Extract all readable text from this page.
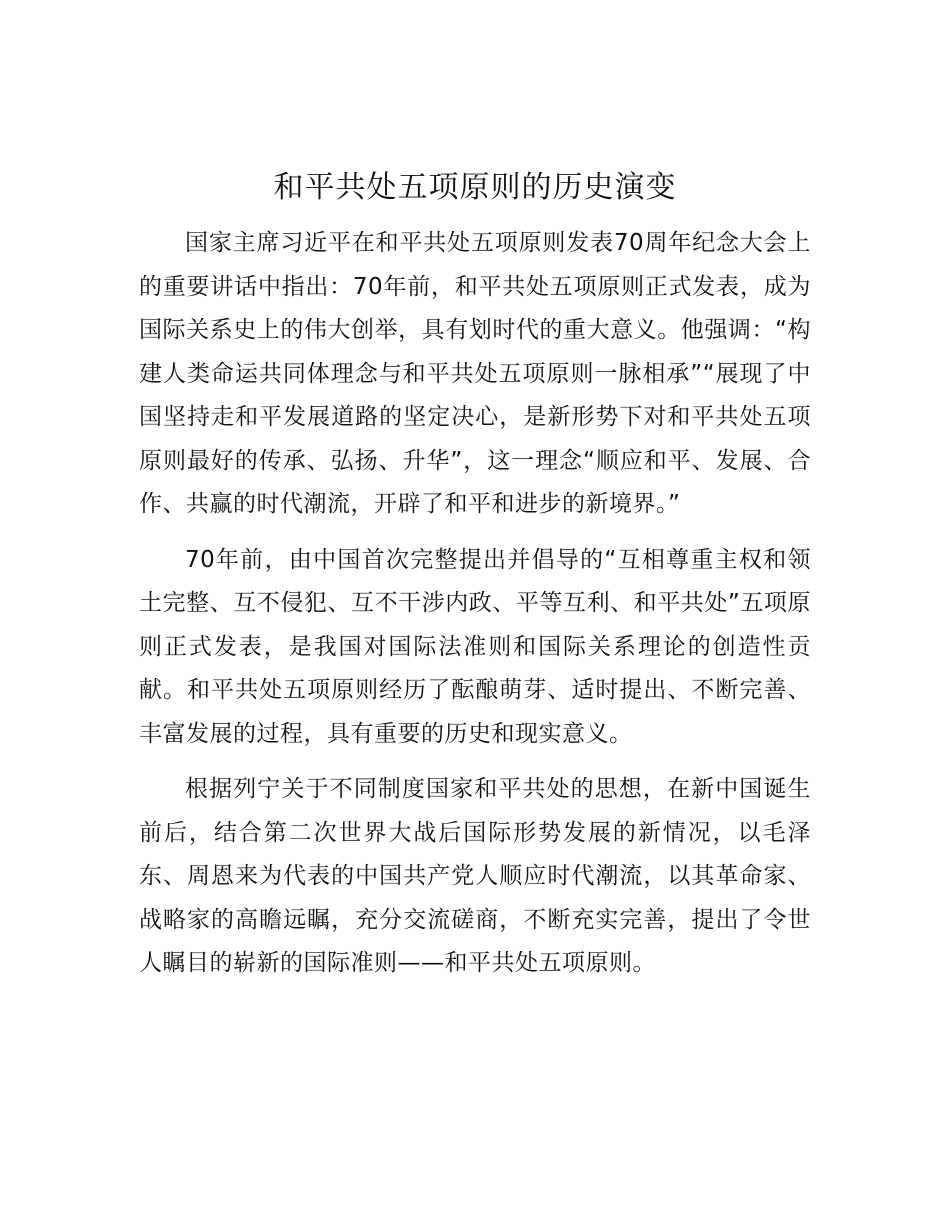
和平共处五项原则的历史演变

国家主席习近平在和平共处五项原则发表70周年纪念大会上的重要讲话中指出：70年前，和平共处五项原则正式发表，成为国际关系史上的伟大创举，具有划时代的重大意义。他强调：“构建人类命运共同体理念与和平共处五项原则一脉相承”“展现了中国坚持走和平发展道路的坚定决心，是新形势下对和平共处五项原则最好的传承、弘扬、升华”，这一理念“顺应和平、发展、合作、共赢的时代潮流，开辟了和平和进步的新境界。”

70年前，由中国首次完整提出并倡导的“互相尊重主权和领土完整、互不侵犯、互不干涉内政、平等互利、和平共处”五项原则正式发表，是我国对国际法准则和国际关系理论的创造性贡献。和平共处五项原则经历了酝酿萌芽、适时提出、不断完善、丰富发展的过程，具有重要的历史和现实意义。

根据列宁关于不同制度国家和平共处的思想，在新中国诞生前后，结合第二次世界大战后国际形势发展的新情况，以毛泽东、周恩来为代表的中国共产党人顺应时代潮流，以其革命家、战略家的高瞻远瞩，充分交流磋商，不断充实完善，提出了令世人瞩目的崭新的国际准则——和平共处五项原则。
